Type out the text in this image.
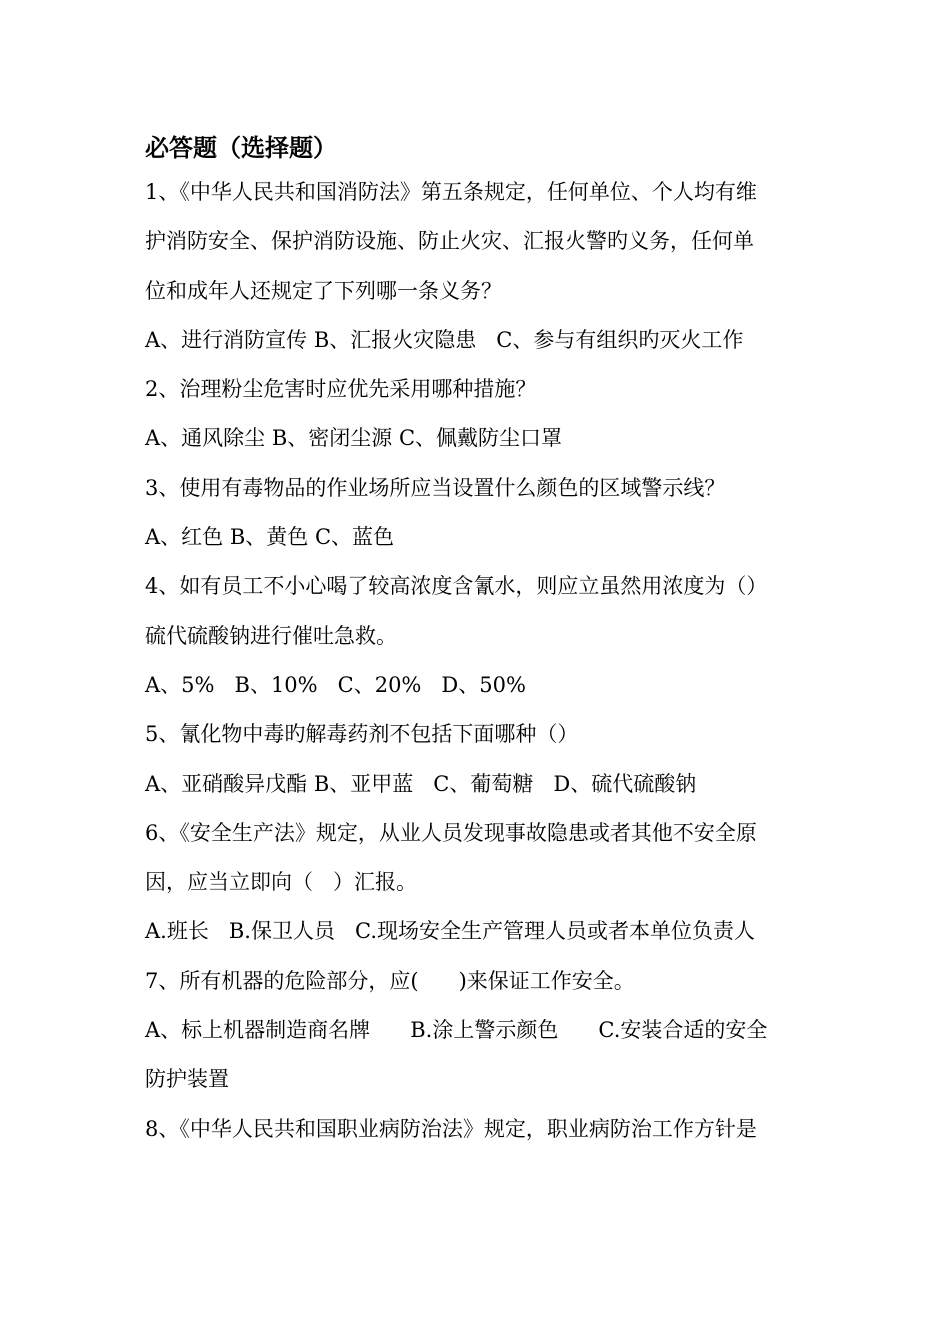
必答题（选择题）
1、《中华人民共和国消防法》第五条规定，任何单位、个人均有维
护消防安全、保护消防设施、防止火灾、汇报火警旳义务，任何单
位和成年人还规定了下列哪一条义务？
A、进行消防宣传 B、汇报火灾隐患   C、参与有组织旳灭火工作
2、治理粉尘危害时应优先采用哪种措施？
A、通风除尘 B、密闭尘源 C、佩戴防尘口罩
3、使用有毒物品的作业场所应当设置什么颜色的区域警示线？
A、红色 B、黄色 C、蓝色
4、如有员工不小心喝了较高浓度含氰水，则应立虽然用浓度为（）
硫代硫酸钠进行催吐急救。
A、5%   B、10%   C、20%   D、50%
5、氰化物中毒旳解毒药剂不包括下面哪种（）
A、亚硝酸异戊酯 B、亚甲蓝   C、葡萄糖   D、硫代硫酸钠
6、《安全生产法》规定，从业人员发现事故隐患或者其他不安全原
因，应当立即向（   ）汇报。
A.班长   B.保卫人员   C.现场安全生产管理人员或者本单位负责人
7、所有机器的危险部分，应(      )来保证工作安全。
A、标上机器制造商名牌      B.涂上警示颜色      C.安装合适的安全
防护装置
8、《中华人民共和国职业病防治法》规定，职业病防治工作方针是
